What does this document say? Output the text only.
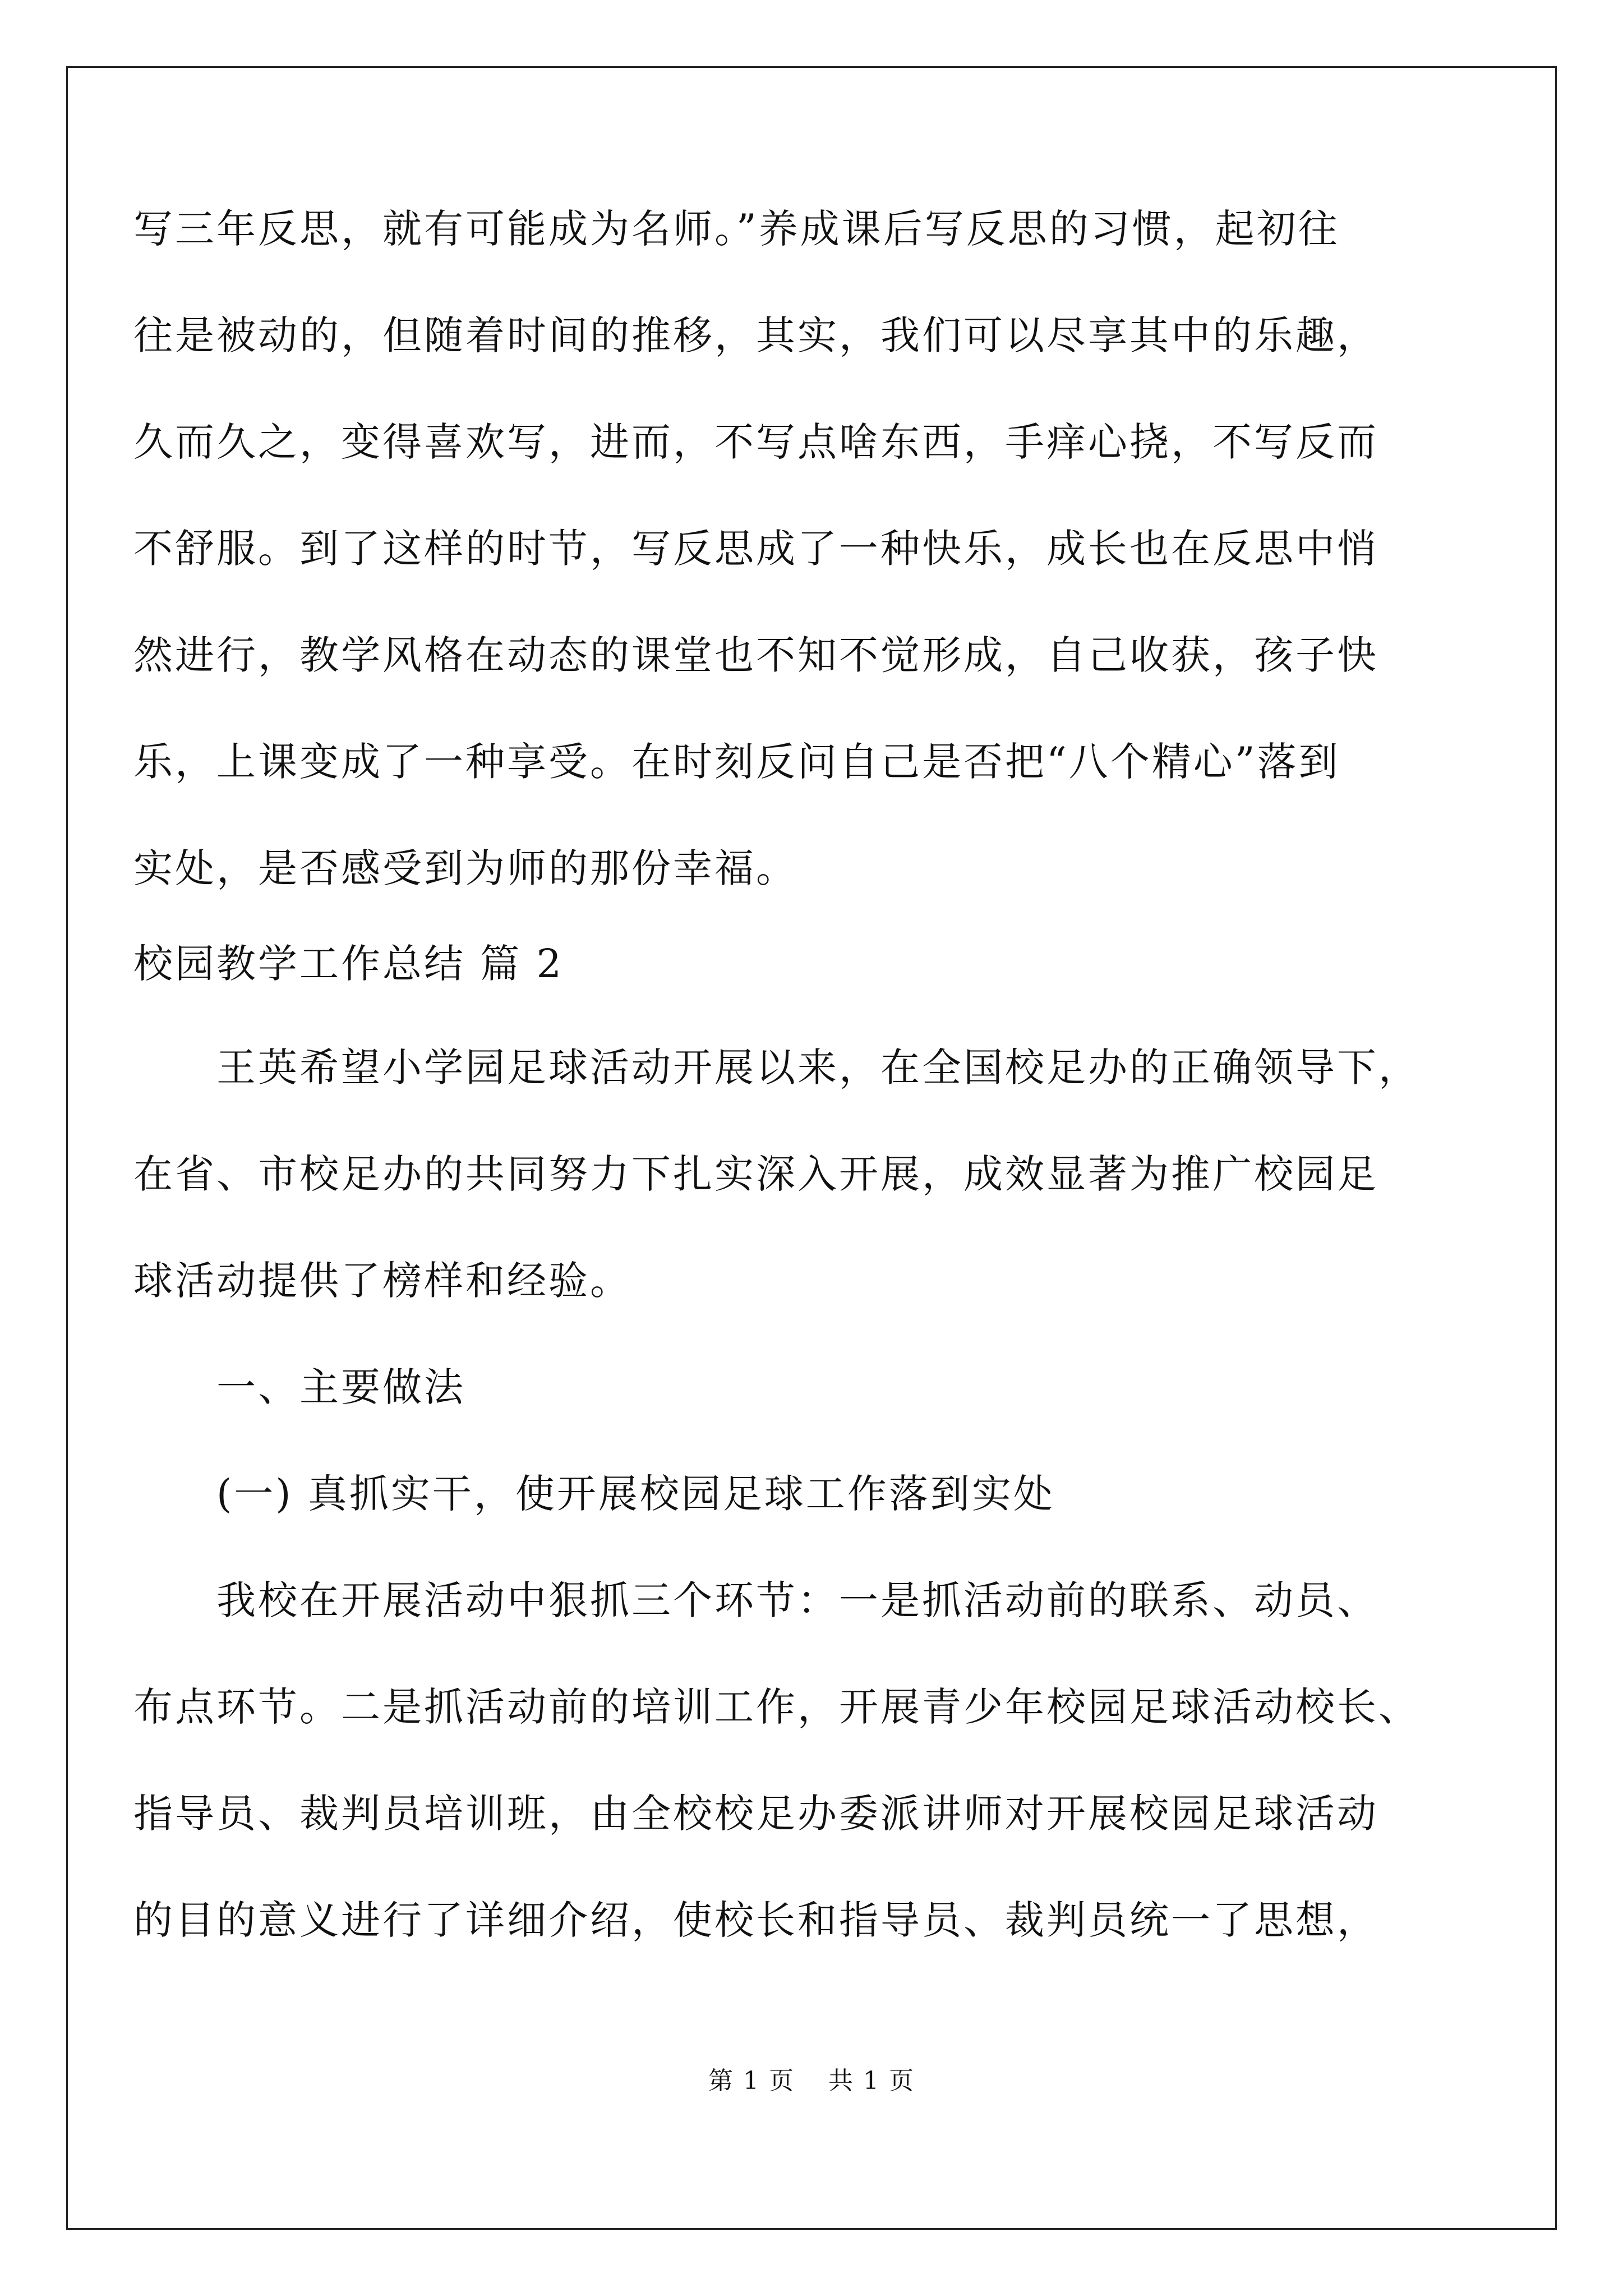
写三年反思，就有可能成为名师。”养成课后写反思的习惯，起初往
往是被动的，但随着时间的推移，其实，我们可以尽享其中的乐趣，
久而久之，变得喜欢写，进而，不写点啥东西，手痒心挠，不写反而
不舒服。到了这样的时节，写反思成了一种快乐，成长也在反思中悄
然进行，教学风格在动态的课堂也不知不觉形成，自己收获，孩子快
乐，上课变成了一种享受。在时刻反问自己是否把“八个精心”落到
实处，是否感受到为师的那份幸福。
校园教学工作总结 篇 2
王英希望小学园足球活动开展以来，在全国校足办的正确领导下，
在省、市校足办的共同努力下扎实深入开展，成效显著为推广校园足
球活动提供了榜样和经验。
一、主要做法
(一) 真抓实干，使开展校园足球工作落到实处
我校在开展活动中狠抓三个环节：一是抓活动前的联系、动员、
布点环节。二是抓活动前的培训工作，开展青少年校园足球活动校长、
指导员、裁判员培训班，由全校校足办委派讲师对开展校园足球活动
的目的意义进行了详细介绍，使校长和指导员、裁判员统一了思想，
第 1 页 共 1 页
